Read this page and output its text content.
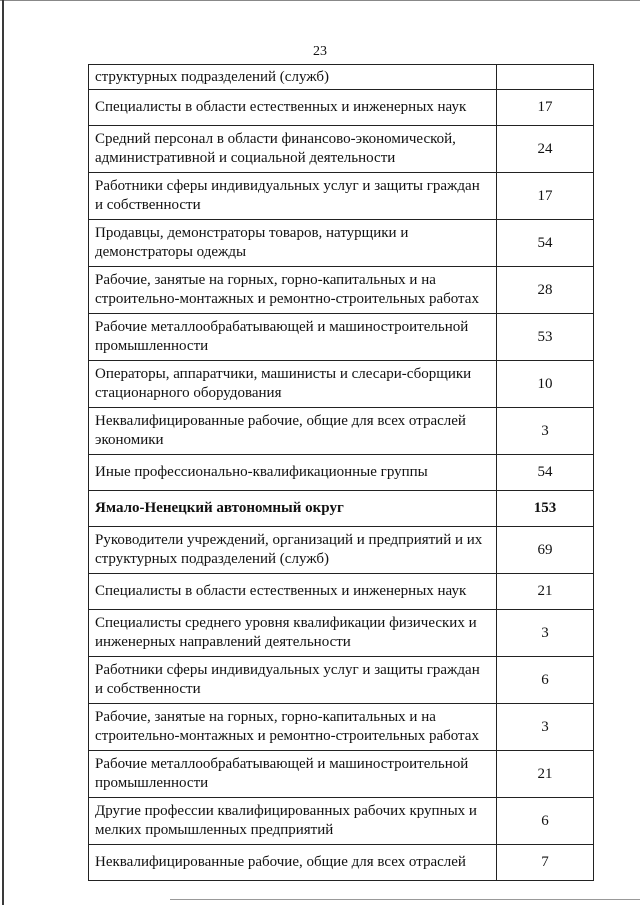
23
структурных подразделений (служб)	
Специалисты в области естественных и инженерных наук	17
Средний персонал в области финансово-экономической, административной и социальной деятельности	24
Работники сферы индивидуальных услуг и защиты граждан и собственности	17
Продавцы, демонстраторы товаров, натурщики и демонстраторы одежды	54
Рабочие, занятые на горных, горно-капитальных и на строительно-монтажных и ремонтно-строительных работах	28
Рабочие металлообрабатывающей и машиностроительной промышленности	53
Операторы, аппаратчики, машинисты и слесари-сборщики стационарного оборудования	10
Неквалифицированные рабочие, общие для всех отраслей экономики	3
Иные профессионально-квалификационные группы	54
Ямало-Ненецкий автономный округ	153
Руководители учреждений, организаций и предприятий и их структурных подразделений (служб)	69
Специалисты в области естественных и инженерных наук	21
Специалисты среднего уровня квалификации физических и инженерных направлений деятельности	3
Работники сферы индивидуальных услуг и защиты граждан и собственности	6
Рабочие, занятые на горных, горно-капитальных и на строительно-монтажных и ремонтно-строительных работах	3
Рабочие металлообрабатывающей и машиностроительной промышленности	21
Другие профессии квалифицированных рабочих крупных и мелких промышленных предприятий	6
Неквалифицированные рабочие, общие для всех отраслей	7
